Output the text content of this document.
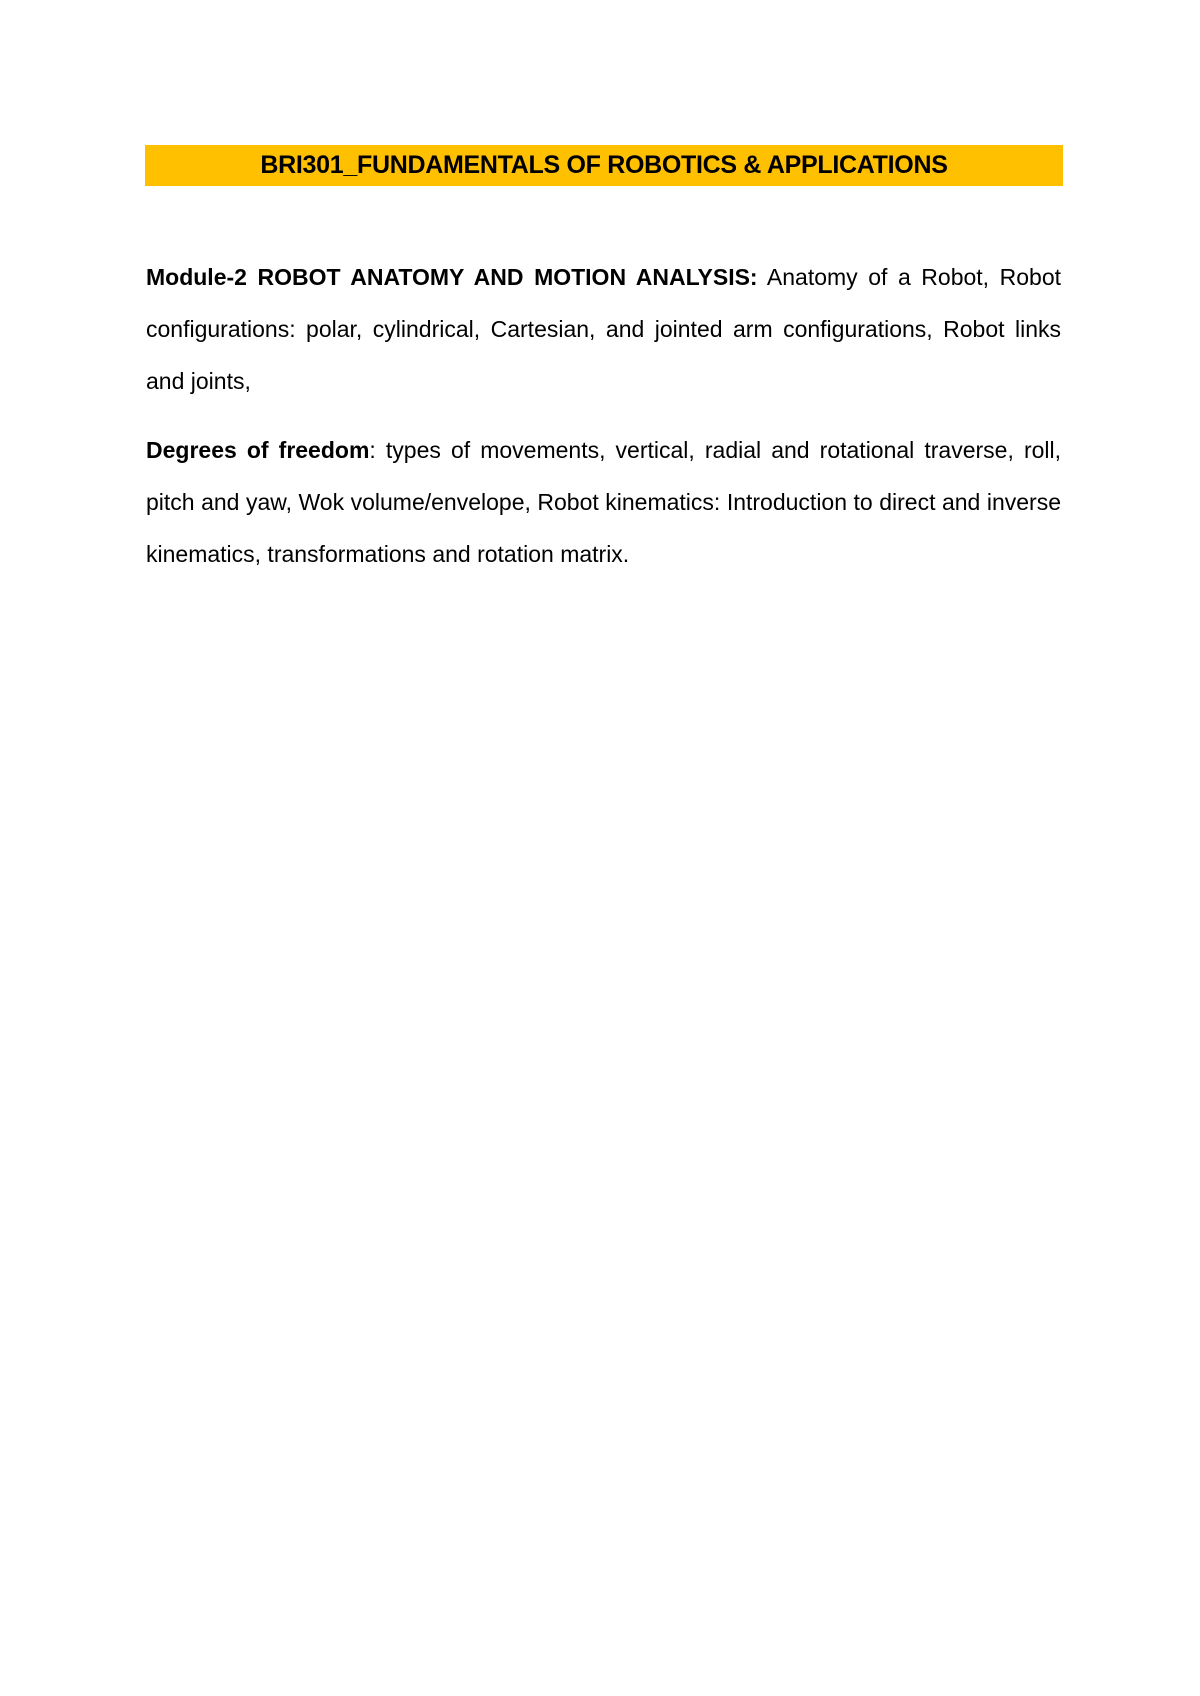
BRI301_FUNDAMENTALS OF ROBOTICS & APPLICATIONS

Module-2 ROBOT ANATOMY AND MOTION ANALYSIS: Anatomy of a Robot, Robot configurations: polar, cylindrical, Cartesian, and jointed arm configurations, Robot links and joints,

Degrees of freedom: types of movements, vertical, radial and rotational traverse, roll, pitch and yaw, Wok volume/envelope, Robot kinematics: Introduction to direct and inverse kinematics, transformations and rotation matrix.
